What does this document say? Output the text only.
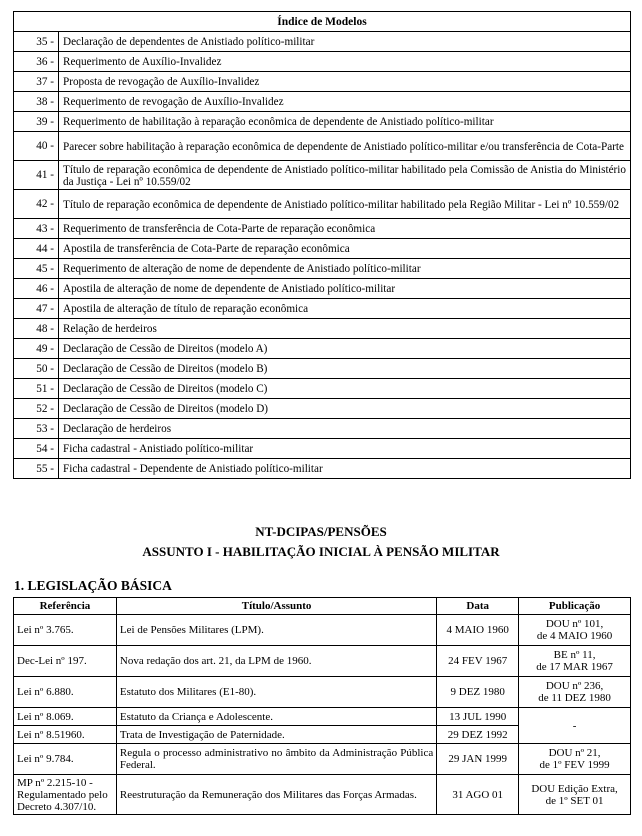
Índice de Modelos	
35 -	Declaração de dependentes de Anistiado político-militar
36 -	Requerimento de Auxílio-Invalidez
37 -	Proposta de revogação de Auxílio-Invalidez
38 -	Requerimento de revogação de Auxílio-Invalidez
39 -	Requerimento de habilitação à reparação econômica de dependente de Anistiado político-militar
40 -	Parecer sobre habilitação à reparação econômica de dependente de Anistiado político-militar e/ou transferência de Cota-Parte
41 -	Título de reparação econômica de dependente de Anistiado político-militar habilitado pela Comissão de Anistia do Ministério da Justiça - Lei nº 10.559/02
42 -	Título de reparação econômica de dependente de Anistiado político-militar habilitado pela Região Militar - Lei nº 10.559/02
43 -	Requerimento de transferência de Cota-Parte de reparação econômica
44 -	Apostila de transferência de Cota-Parte de reparação econômica
45 -	Requerimento de alteração de nome de dependente de Anistiado político-militar
46 -	Apostila de alteração de nome de dependente de Anistiado político-militar
47 -	Apostila de alteração de título de reparação econômica
48 -	Relação de herdeiros
49 -	Declaração de Cessão de Direitos (modelo A)
50 -	Declaração de Cessão de Direitos (modelo B)
51 -	Declaração de Cessão de Direitos (modelo C)
52 -	Declaração de Cessão de Direitos (modelo D)
53 -	Declaração de herdeiros
54 -	Ficha cadastral - Anistiado político-militar
55 -	Ficha cadastral - Dependente de Anistiado político-militar
NT-DCIPAS/PENSÕES
ASSUNTO I - HABILITAÇÃO INICIAL À PENSÃO MILITAR
1. LEGISLAÇÃO BÁSICA
Referência	Título/Assunto	Data	Publicação
Lei nº 3.765.	Lei de Pensões Militares (LPM).	4 MAIO 1960	DOU nº 101,
de 4 MAIO 1960
Dec-Lei nº 197.	Nova redação dos art. 21, da LPM de 1960.	24 FEV 1967	BE nº 11,
de 17 MAR 1967
Lei nº 6.880.	Estatuto dos Militares (E1-80).	9 DEZ 1980	DOU nº 236,
de 11 DEZ 1980
Lei nº 8.069.	Estatuto da Criança e Adolescente.	13 JUL 1990	-
Lei nº 8.51960.	Trata de Investigação de Paternidade.	29 DEZ 1992	
Lei nº 9.784.	Regula o processo administrativo no âmbito da Administração Pública Federal.	29 JAN 1999	DOU nº 21,
de 1º FEV 1999
MP nº 2.215-10 -
Regulamentado pelo
Decreto 4.307/10.	Reestruturação da Remuneração dos Militares das Forças Armadas.	31 AGO 01	DOU Edição Extra,
de 1º SET 01
